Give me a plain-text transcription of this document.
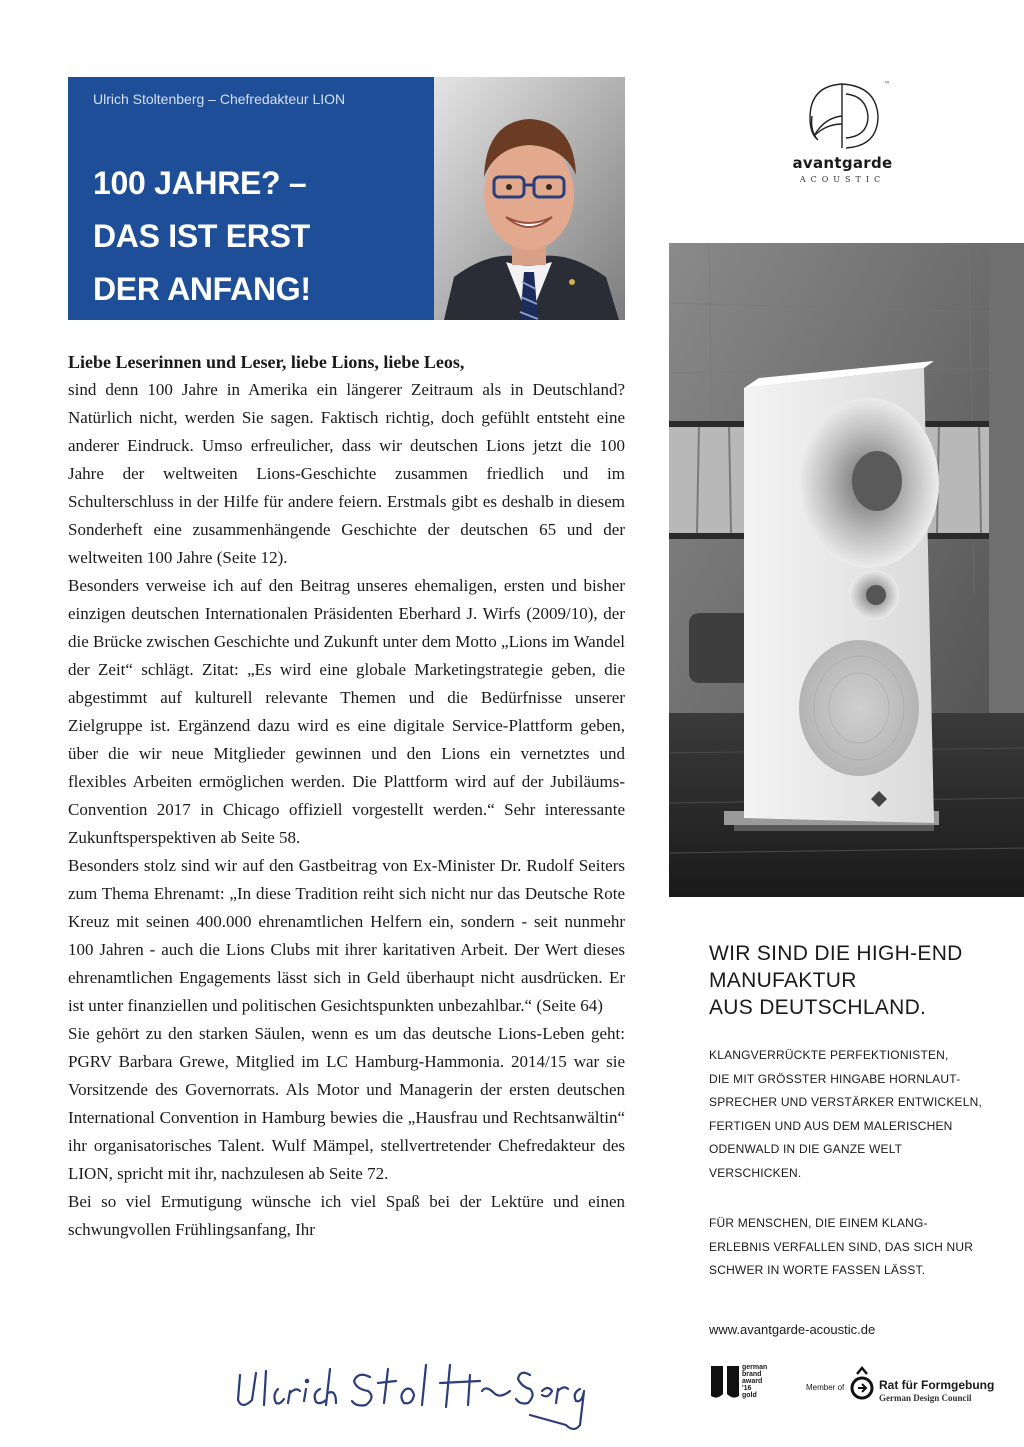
Ulrich Stoltenberg – Chefredakteur LION
100 JAHRE? –
DAS IST ERST
DER ANFANG!

Liebe Leserinnen und Leser, liebe Lions, liebe Leos,

sind denn 100 Jahre in Amerika ein längerer Zeitraum als in Deutschland? Natürlich nicht, werden Sie sagen. Faktisch richtig, doch gefühlt entsteht eine anderer Eindruck. Umso erfreulicher, dass wir deutschen Lions jetzt die 100 Jahre der weltweiten Lions-Geschichte zusammen friedlich und im Schulterschluss in der Hilfe für andere feiern. Erstmals gibt es deshalb in diesem Sonderheft eine zusammenhängende Geschichte der deutschen 65 und der weltweiten 100 Jahre (Seite 12).

Besonders verweise ich auf den Beitrag unseres ehemaligen, ersten und bisher einzigen deutschen Internationalen Präsidenten Eberhard J. Wirfs (2009/10), der die Brücke zwischen Geschichte und Zukunft unter dem Motto „Lions im Wandel der Zeit“ schlägt. Zitat: „Es wird eine globale Marketingstrategie geben, die abgestimmt auf kulturell relevante Themen und die Bedürfnisse unserer Zielgruppe ist. Ergänzend dazu wird es eine digitale Service-Plattform geben, über die wir neue Mitglieder gewinnen und den Lions ein vernetztes und flexibles Arbeiten ermöglichen werden. Die Plattform wird auf der Jubiläums-Convention 2017 in Chicago offiziell vorgestellt werden.“ Sehr interessante Zukunftsperspektiven ab Seite 58.

Besonders stolz sind wir auf den Gastbeitrag von Ex-Minister Dr. Rudolf Seiters zum Thema Ehrenamt: „In diese Tradition reiht sich nicht nur das Deutsche Rote Kreuz mit seinen 400.000 ehrenamtlichen Helfern ein, sondern - seit nunmehr 100 Jahren - auch die Lions Clubs mit ihrer karitativen Arbeit. Der Wert dieses ehrenamtlichen Engagements lässt sich in Geld überhaupt nicht ausdrücken. Er ist unter finanziellen und politischen Gesichtspunkten unbezahlbar.“ (Seite 64)

Sie gehört zu den starken Säulen, wenn es um das deutsche Lions-Leben geht: PGRV Barbara Grewe, Mitglied im LC Hamburg-Hammonia. 2014/15 war sie Vorsitzende des Governorrats. Als Motor und Managerin der ersten deutschen International Convention in Hamburg bewies die „Hausfrau und Rechtsanwältin“ ihr organisatorisches Talent. Wulf Mämpel, stellvertretender Chefredakteur des LION, spricht mit ihr, nachzulesen ab Seite 72.

Bei so viel Ermutigung wünsche ich viel Spaß bei der Lektüre und einen schwungvollen Frühlingsanfang, Ihr

™
avantgarde
ACOUSTIC
WIR SIND DIE HIGH-END
MANUFAKTUR
AUS DEUTSCHLAND.

KLANGVERRÜCKTE PERFEKTIONISTEN,
DIE MIT GRÖSSTER HINGABE HORNLAUT-
SPRECHER UND VERSTÄRKER ENTWICKELN,
FERTIGEN UND AUS DEM MALERISCHEN
ODENWALD IN DIE GANZE WELT
VERSCHICKEN.

FÜR MENSCHEN, DIE EINEM KLANG-
ERLEBNIS VERFALLEN SIND, DAS SICH NUR
SCHWER IN WORTE FASSEN LÄSST.

www.avantgarde-acoustic.de
german
brand
award
'16
gold
Member of	Rat für Formgebung
German Design Council
